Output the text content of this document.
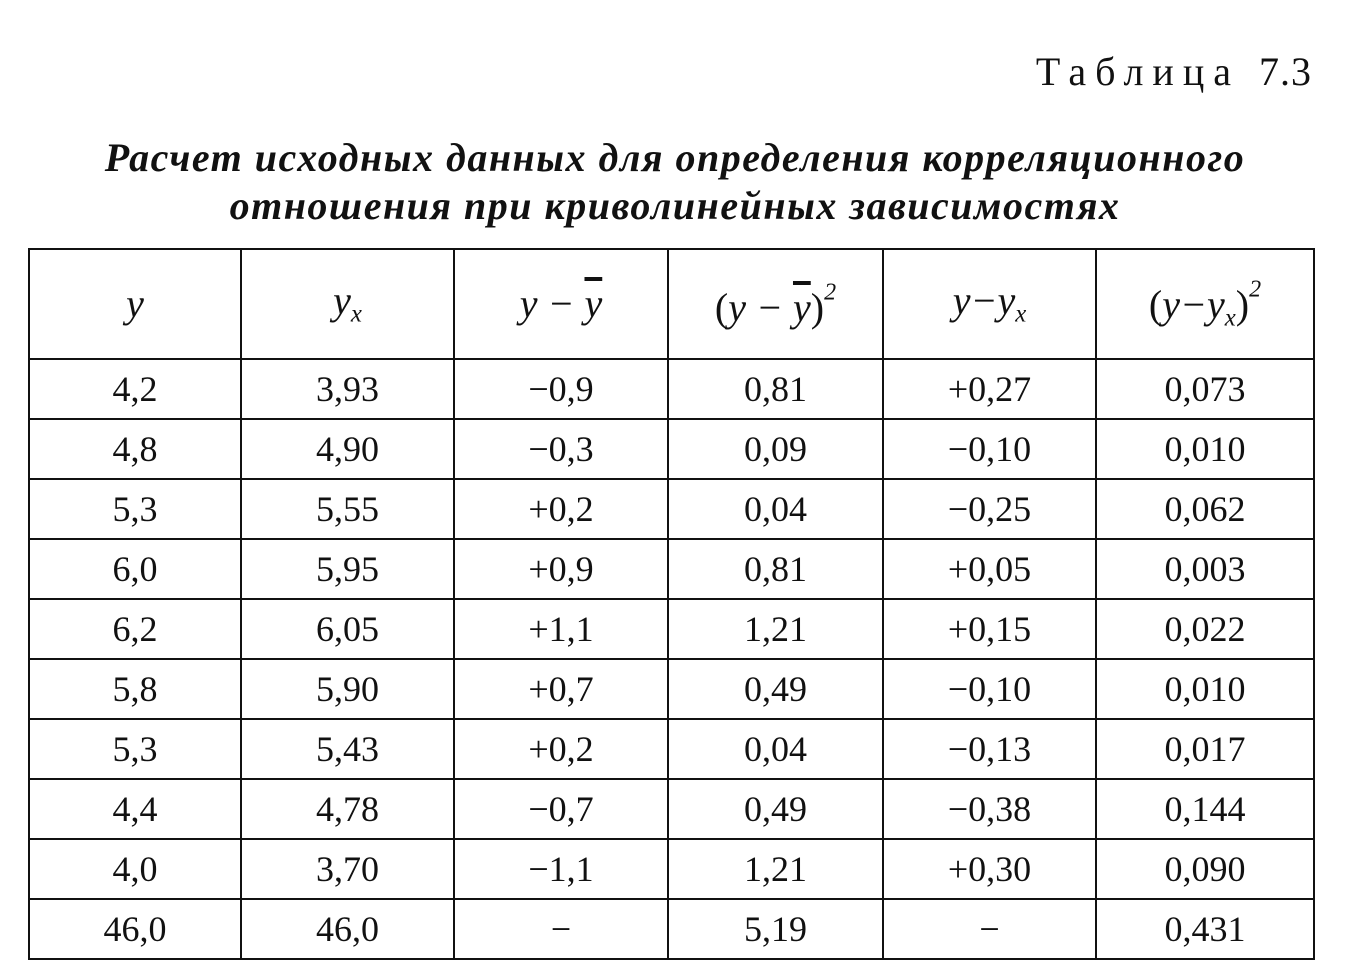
Таблица 7.3
Расчет исходных данных для определения корреляционного
отношения при криволинейных зависимостях
y	$y_x$	$y - \overline{y}$	$(y - \overline{y})^2$	$y-y_x$	$(y-y_x)^2$
4,2	3,93	−0,9	0,81	+0,27	0,073
4,8	4,90	−0,3	0,09	−0,10	0,010
5,3	5,55	+0,2	0,04	−0,25	0,062
6,0	5,95	+0,9	0,81	+0,05	0,003
6,2	6,05	+1,1	1,21	+0,15	0,022
5,8	5,90	+0,7	0,49	−0,10	0,010
5,3	5,43	+0,2	0,04	−0,13	0,017
4,4	4,78	−0,7	0,49	−0,38	0,144
4,0	3,70	−1,1	1,21	+0,30	0,090
46,0	46,0	−	5,19	−	0,431
